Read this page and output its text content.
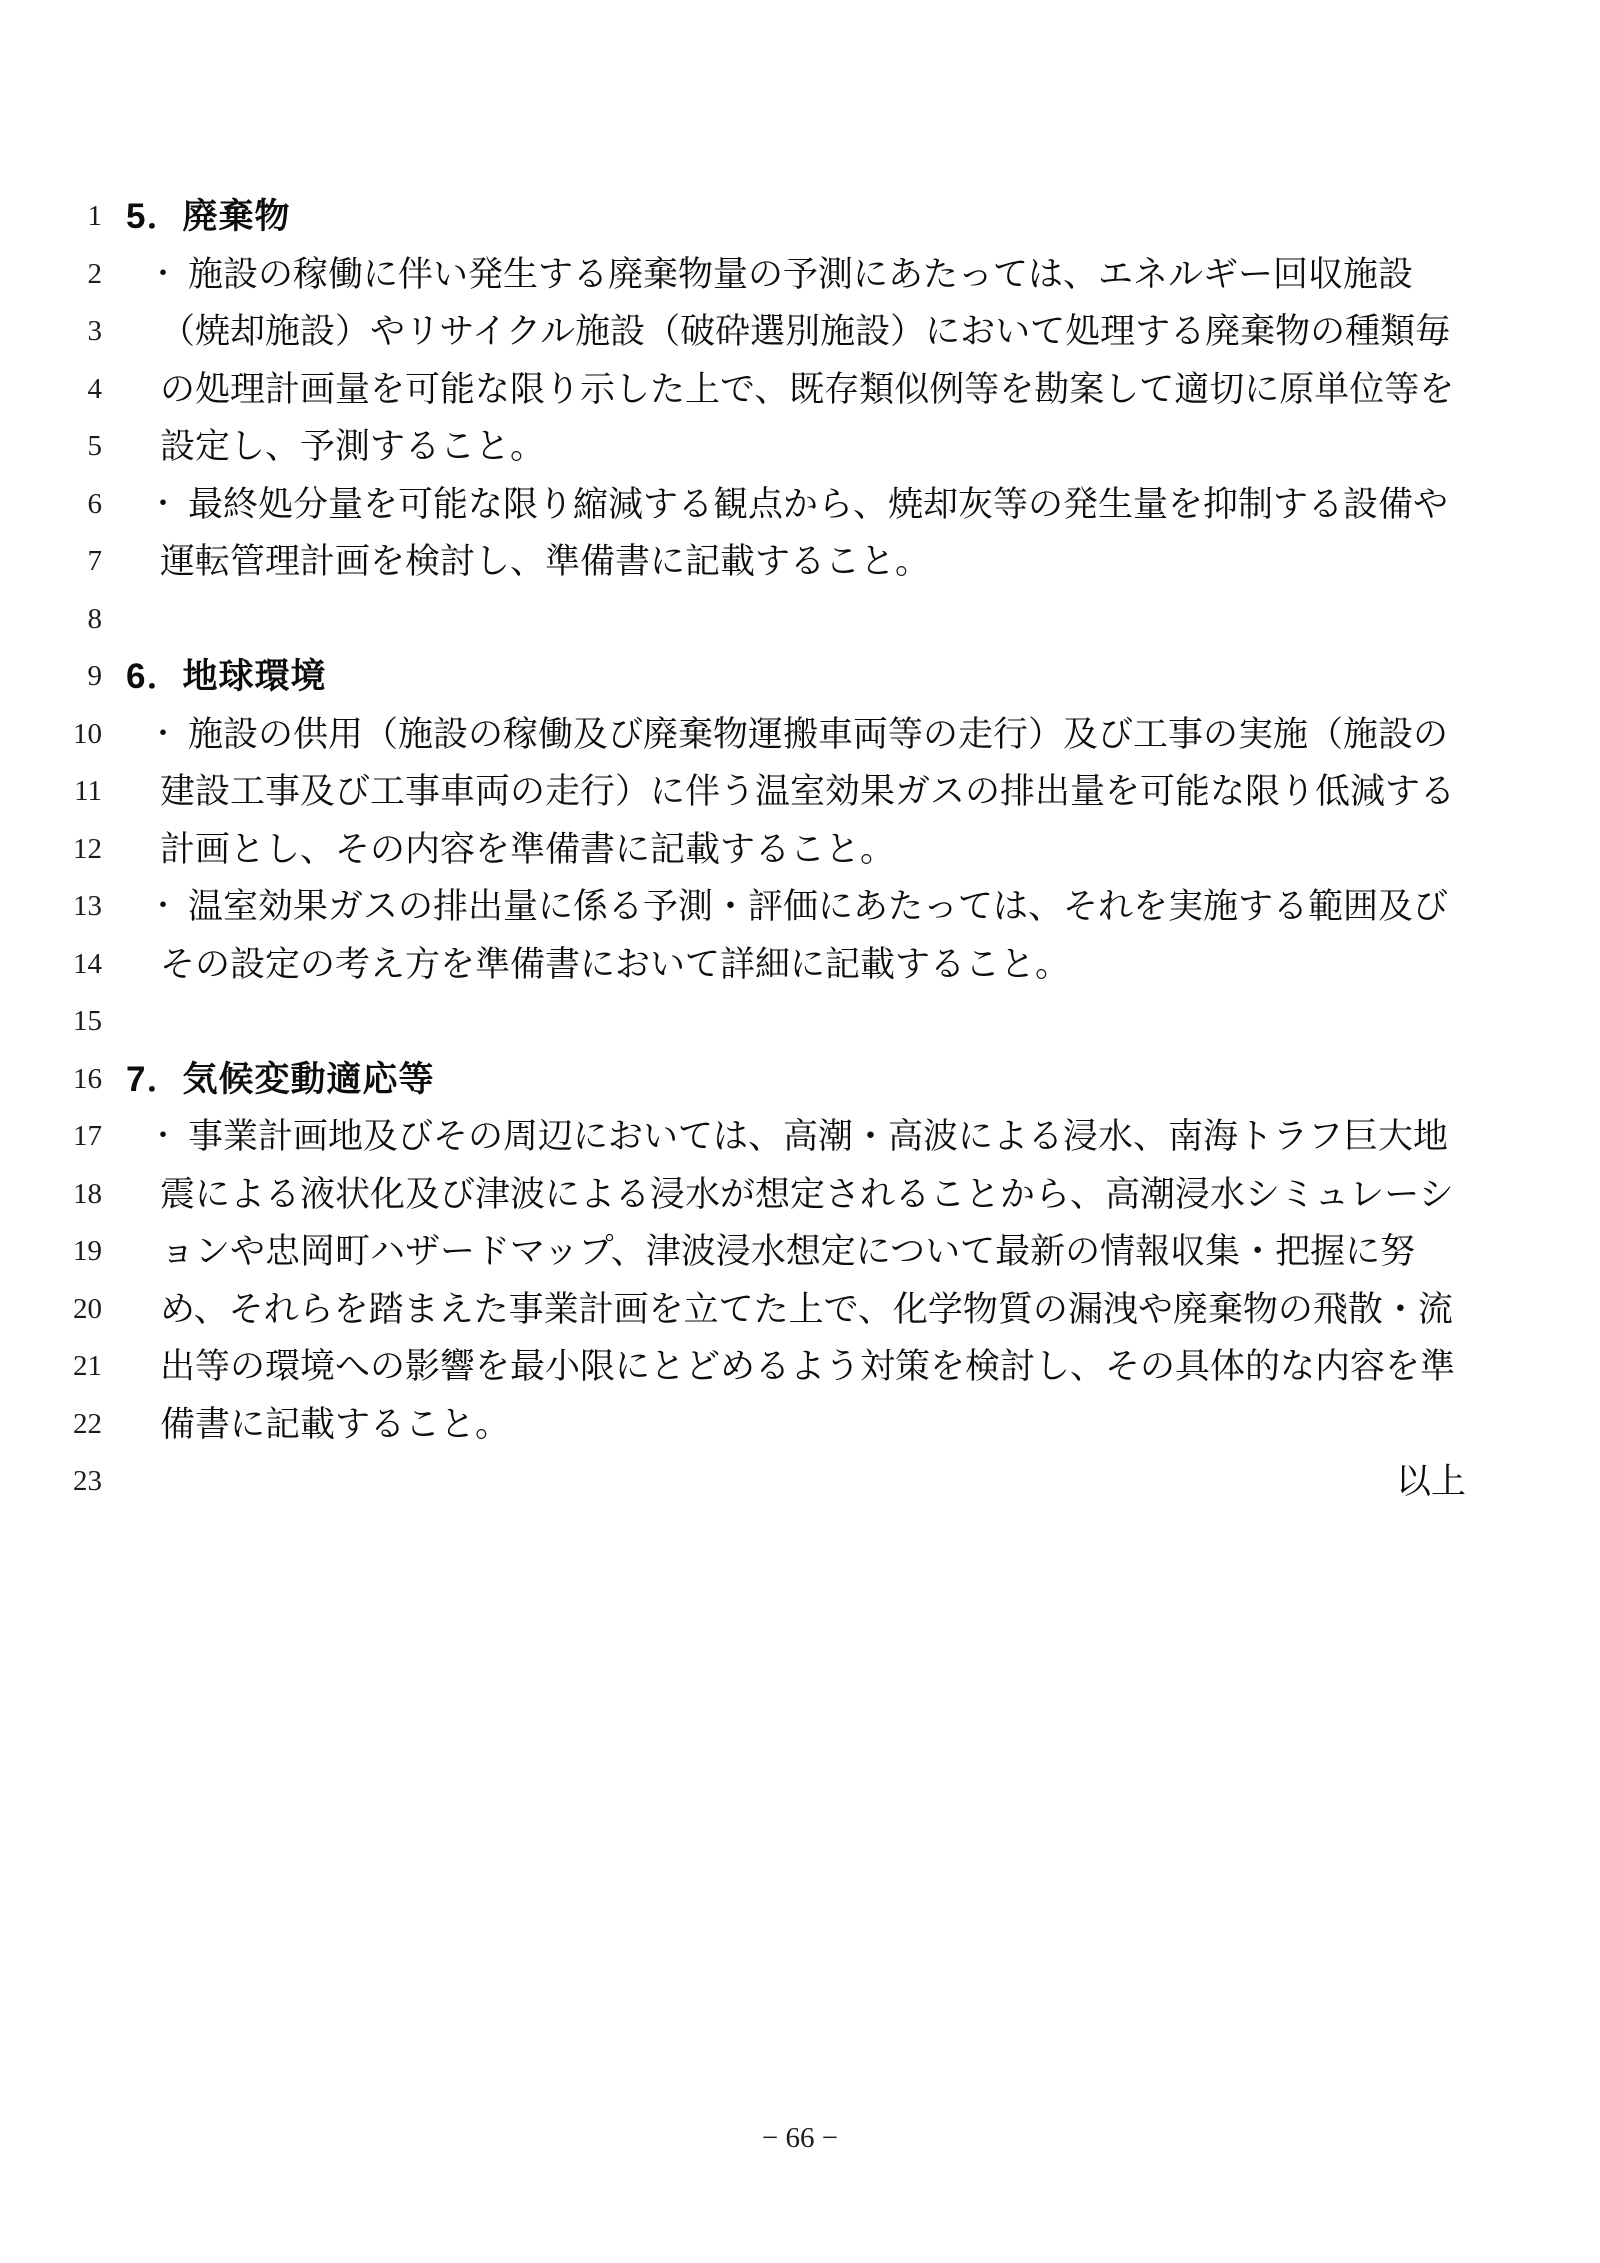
1 5．廃棄物
2	・ 施設の稼働に伴い発生する廃棄物量の予測にあたっては、エネルギー回収施設
3	（焼却施設）やリサイクル施設（破砕選別施設）において処理する廃棄物の種類毎
4	の処理計画量を可能な限り示した上で、既存類似例等を勘案して適切に原単位等を
5	設定し、予測すること。
6	・ 最終処分量を可能な限り縮減する観点から、焼却灰等の発生量を抑制する設備や
7	運転管理計画を検討し、準備書に記載すること。
8
9 6．地球環境
10	・ 施設の供用（施設の稼働及び廃棄物運搬車両等の走行）及び工事の実施（施設の
11	建設工事及び工事車両の走行）に伴う温室効果ガスの排出量を可能な限り低減する
12	計画とし、その内容を準備書に記載すること。
13	・ 温室効果ガスの排出量に係る予測・評価にあたっては、それを実施する範囲及び
14	その設定の考え方を準備書において詳細に記載すること。
15
16 7．気候変動適応等
17	・ 事業計画地及びその周辺においては、高潮・高波による浸水、南海トラフ巨大地
18	震による液状化及び津波による浸水が想定されることから、高潮浸水シミュレーシ
19	ョンや忠岡町ハザードマップ、津波浸水想定について最新の情報収集・把握に努
20	め、それらを踏まえた事業計画を立てた上で、化学物質の漏洩や廃棄物の飛散・流
21	出等の環境への影響を最小限にとどめるよう対策を検討し、その具体的な内容を準
22	備書に記載すること。
23	以上
− 66 −
